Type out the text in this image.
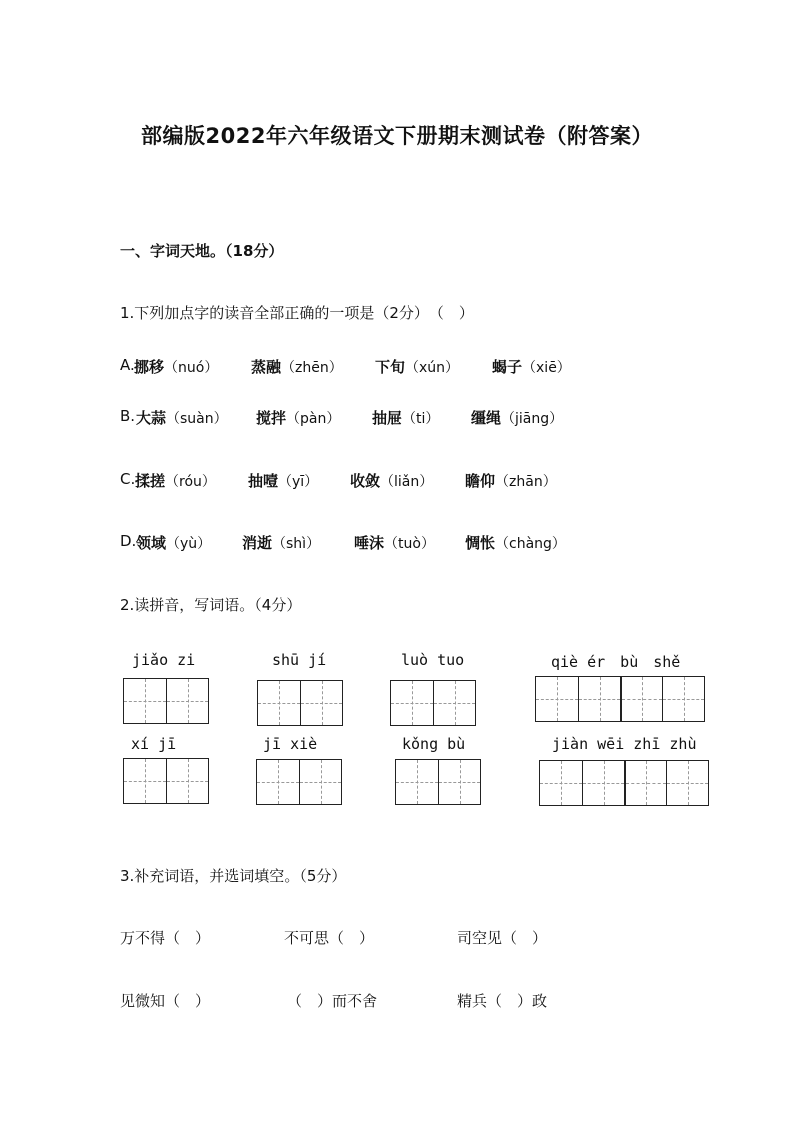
部编版2022年六年级语文下册期末测试卷（附答案）
一、字词天地。（18分）
1.下列加点字的读音全部正确的一项是（2分）　（　）
A. 挪移（nuó） 蒸融（zhēn） 下旬（xún） 蝎子（xiē）
B. 大蒜（suàn） 搅拌（pàn） 抽屉（ti） 缰绳（jiāng）
C. 揉搓（róu） 抽噎（yī） 收敛（liǎn） 瞻仰（zhān）
D. 领域（yù） 消逝（shì） 唾沫（tuò） 惆怅（chàng）
2.读拼音，写词语。（4分）
jiǎo zi	shū jí	luò tuo	qiè ér　bù　shě
xí jī	jī xiè	kǒng bù	jiàn wēi zhī zhù
3.补充词语，并选词填空。（5分）
万不得（　）	不可思（　）	司空见（　）
见微知（　）	（　）而不舍	精兵（　）政
